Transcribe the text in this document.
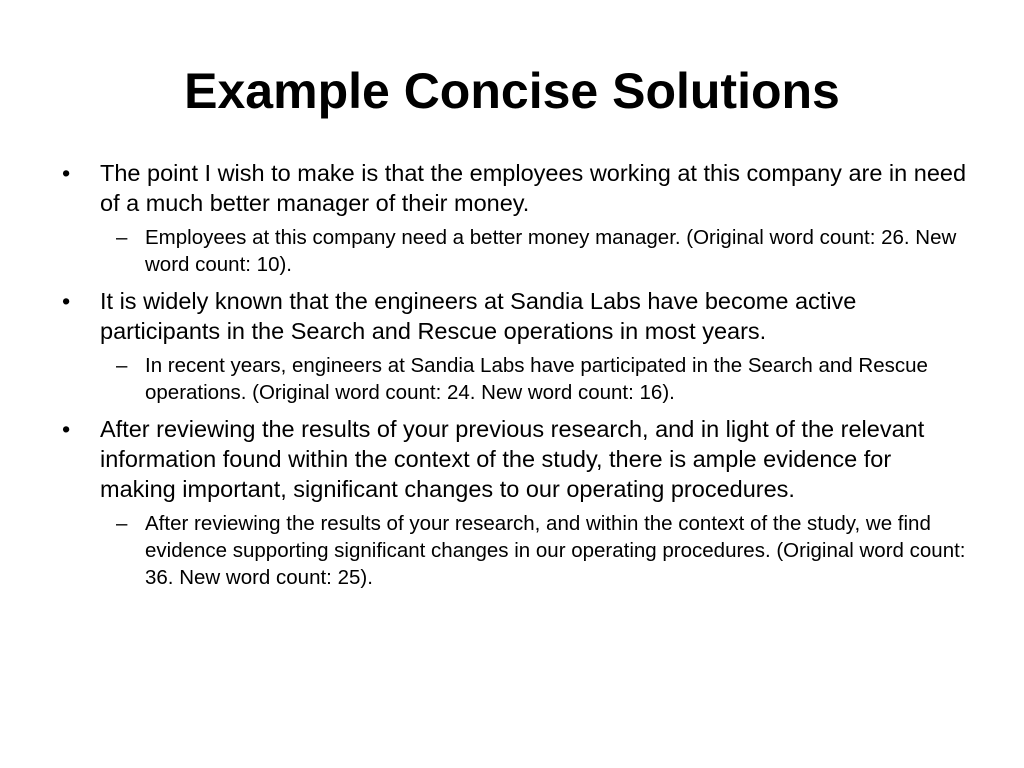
Example Concise Solutions
• The point I wish to make is that the employees working at this company are in need of a much better manager of their money.
– Employees at this company need a better money manager. (Original word count: 26. New word count: 10).
• It is widely known that the engineers at Sandia Labs have become active participants in the Search and Rescue operations in most years.
– In recent years, engineers at Sandia Labs have participated in the Search and Rescue operations. (Original word count: 24. New word count: 16).
• After reviewing the results of your previous research, and in light of the relevant information found within the context of the study, there is ample evidence for making important, significant changes to our operating procedures.
– After reviewing the results of your research, and within the context of the study, we find evidence supporting significant changes in our operating procedures. (Original word count: 36. New word count: 25).
